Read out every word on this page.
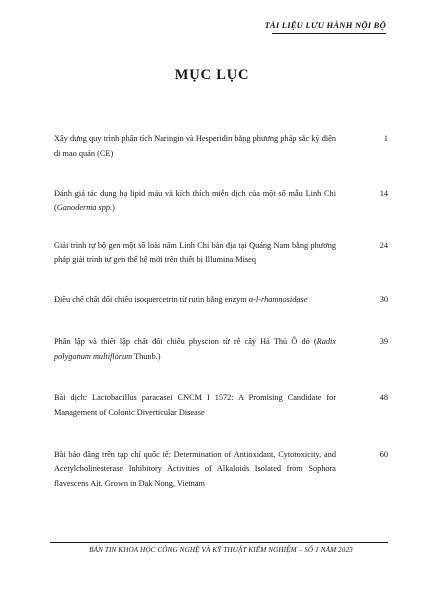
TÀI LIỆU LƯU HÀNH NỘI BỘ
MỤC LỤC
Xây dựng quy trình phân tích Naringin và Hesperidin bằng phương pháp sắc ký điện di mao quản (CE)
1
Đánh giá tác dụng hạ lipid máu và kích thích miễn dịch của một số mẫu Linh Chi (Ganoderma spp.)
14
Giải trình tự bộ gen một số loài nấm Linh Chi bản địa tại Quảng Nam bằng phương pháp giải trình tự gen thế hệ mới trên thiết bị Illumina Miseq
24
Điều chế chất đối chiếu isoquercetrin từ rutin bằng enzym α-l-rhamnosidase	30
Phân lập và thiết lập chất đối chiếu physcion từ rễ cây Hà Thủ Ô đỏ (Radix polygonum multiflorum Thunb.)
39
Bài dịch: Lactobacillus paracasei CNCM I 1572: A Promising Candidate for Management of Colonic Diverticular Disease
48
Bài báo đăng trên tạp chí quốc tế: Determination of Antioxidant, Cytotoxicity, and Acetylcholinesterase Inhibitory Activities of Alkaloids Isolated from Sophora flavescens Ait. Grown in Dak Nong, Vietnam
60
BẢN TIN KHOA HỌC CÔNG NGHỆ VÀ KỸ THUẬT KIỂM NGHIỆM – SỐ 1 NĂM 2023
